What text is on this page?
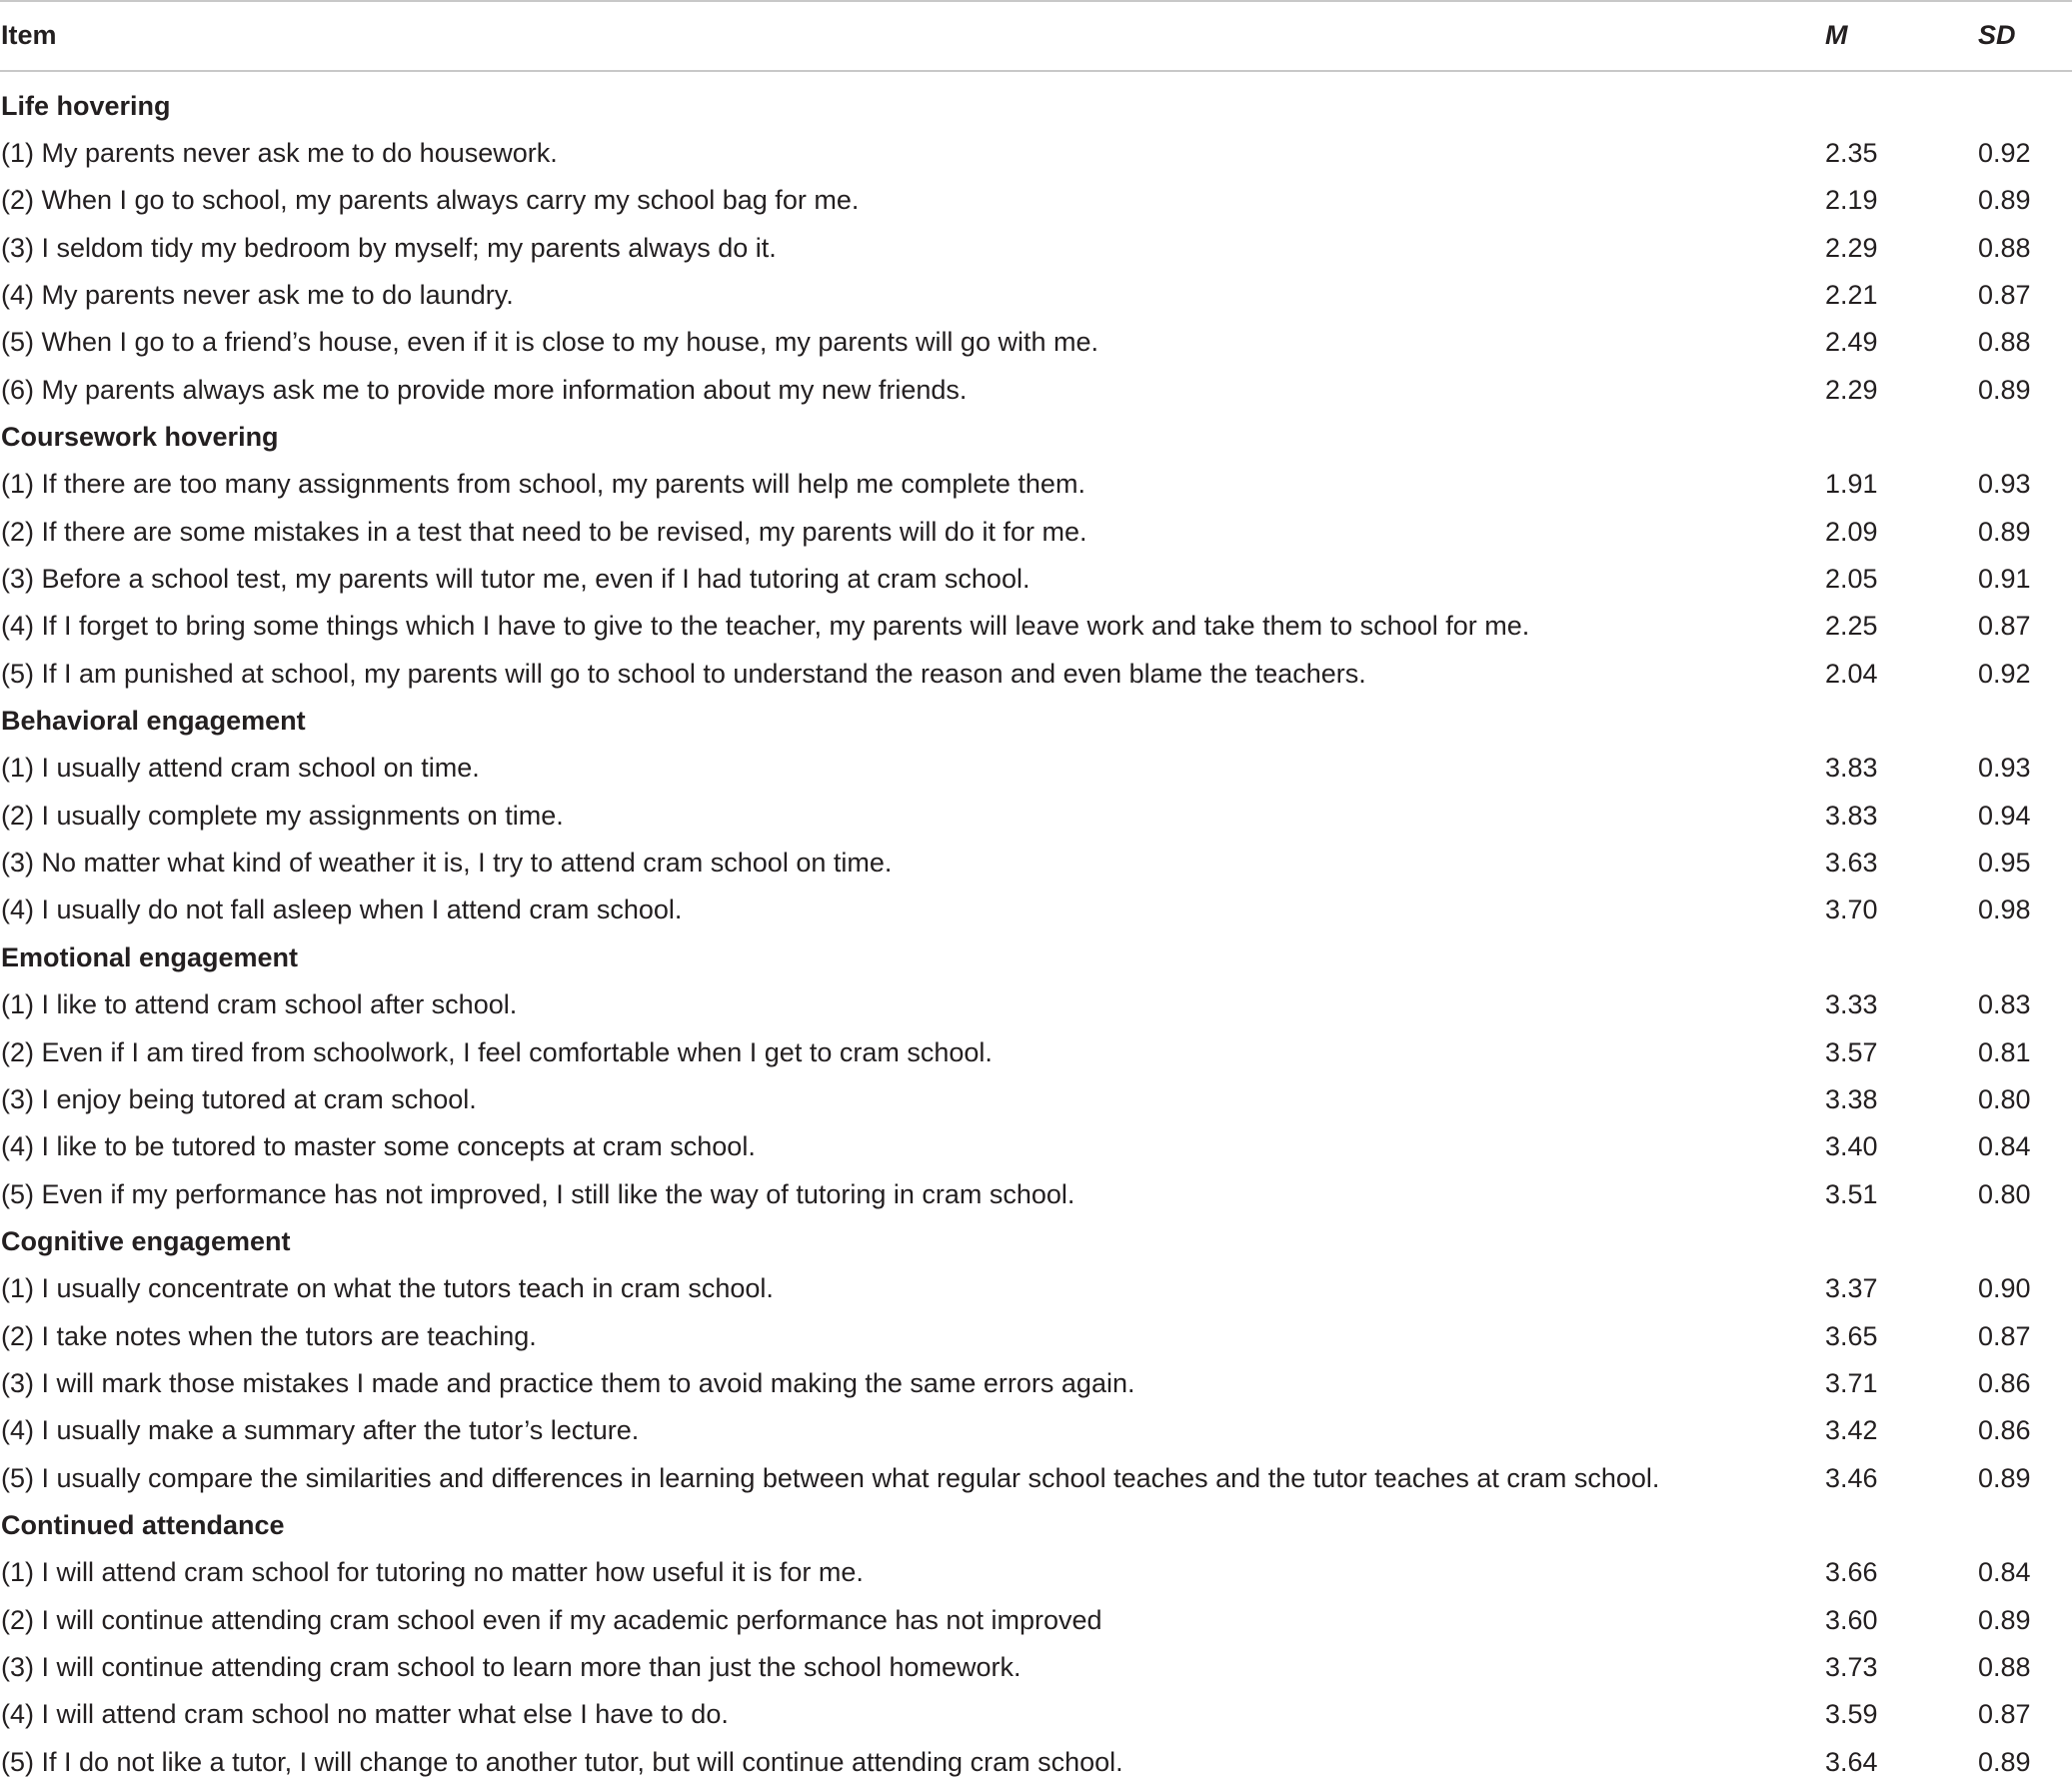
Item	M	SD
Life hovering
(1) My parents never ask me to do housework.	2.35	0.92
(2) When I go to school, my parents always carry my school bag for me.	2.19	0.89
(3) I seldom tidy my bedroom by myself; my parents always do it.	2.29	0.88
(4) My parents never ask me to do laundry.	2.21	0.87
(5) When I go to a friend’s house, even if it is close to my house, my parents will go with me.	2.49	0.88
(6) My parents always ask me to provide more information about my new friends.	2.29	0.89
Coursework hovering
(1) If there are too many assignments from school, my parents will help me complete them.	1.91	0.93
(2) If there are some mistakes in a test that need to be revised, my parents will do it for me.	2.09	0.89
(3) Before a school test, my parents will tutor me, even if I had tutoring at cram school.	2.05	0.91
(4) If I forget to bring some things which I have to give to the teacher, my parents will leave work and take them to school for me.	2.25	0.87
(5) If I am punished at school, my parents will go to school to understand the reason and even blame the teachers.	2.04	0.92
Behavioral engagement
(1) I usually attend cram school on time.	3.83	0.93
(2) I usually complete my assignments on time.	3.83	0.94
(3) No matter what kind of weather it is, I try to attend cram school on time.	3.63	0.95
(4) I usually do not fall asleep when I attend cram school.	3.70	0.98
Emotional engagement
(1) I like to attend cram school after school.	3.33	0.83
(2) Even if I am tired from schoolwork, I feel comfortable when I get to cram school.	3.57	0.81
(3) I enjoy being tutored at cram school.	3.38	0.80
(4) I like to be tutored to master some concepts at cram school.	3.40	0.84
(5) Even if my performance has not improved, I still like the way of tutoring in cram school.	3.51	0.80
Cognitive engagement
(1) I usually concentrate on what the tutors teach in cram school.	3.37	0.90
(2) I take notes when the tutors are teaching.	3.65	0.87
(3) I will mark those mistakes I made and practice them to avoid making the same errors again.	3.71	0.86
(4) I usually make a summary after the tutor’s lecture.	3.42	0.86
(5) I usually compare the similarities and differences in learning between what regular school teaches and the tutor teaches at cram school.	3.46	0.89
Continued attendance
(1) I will attend cram school for tutoring no matter how useful it is for me.	3.66	0.84
(2) I will continue attending cram school even if my academic performance has not improved	3.60	0.89
(3) I will continue attending cram school to learn more than just the school homework.	3.73	0.88
(4) I will attend cram school no matter what else I have to do.	3.59	0.87
(5) If I do not like a tutor, I will change to another tutor, but will continue attending cram school.	3.64	0.89
